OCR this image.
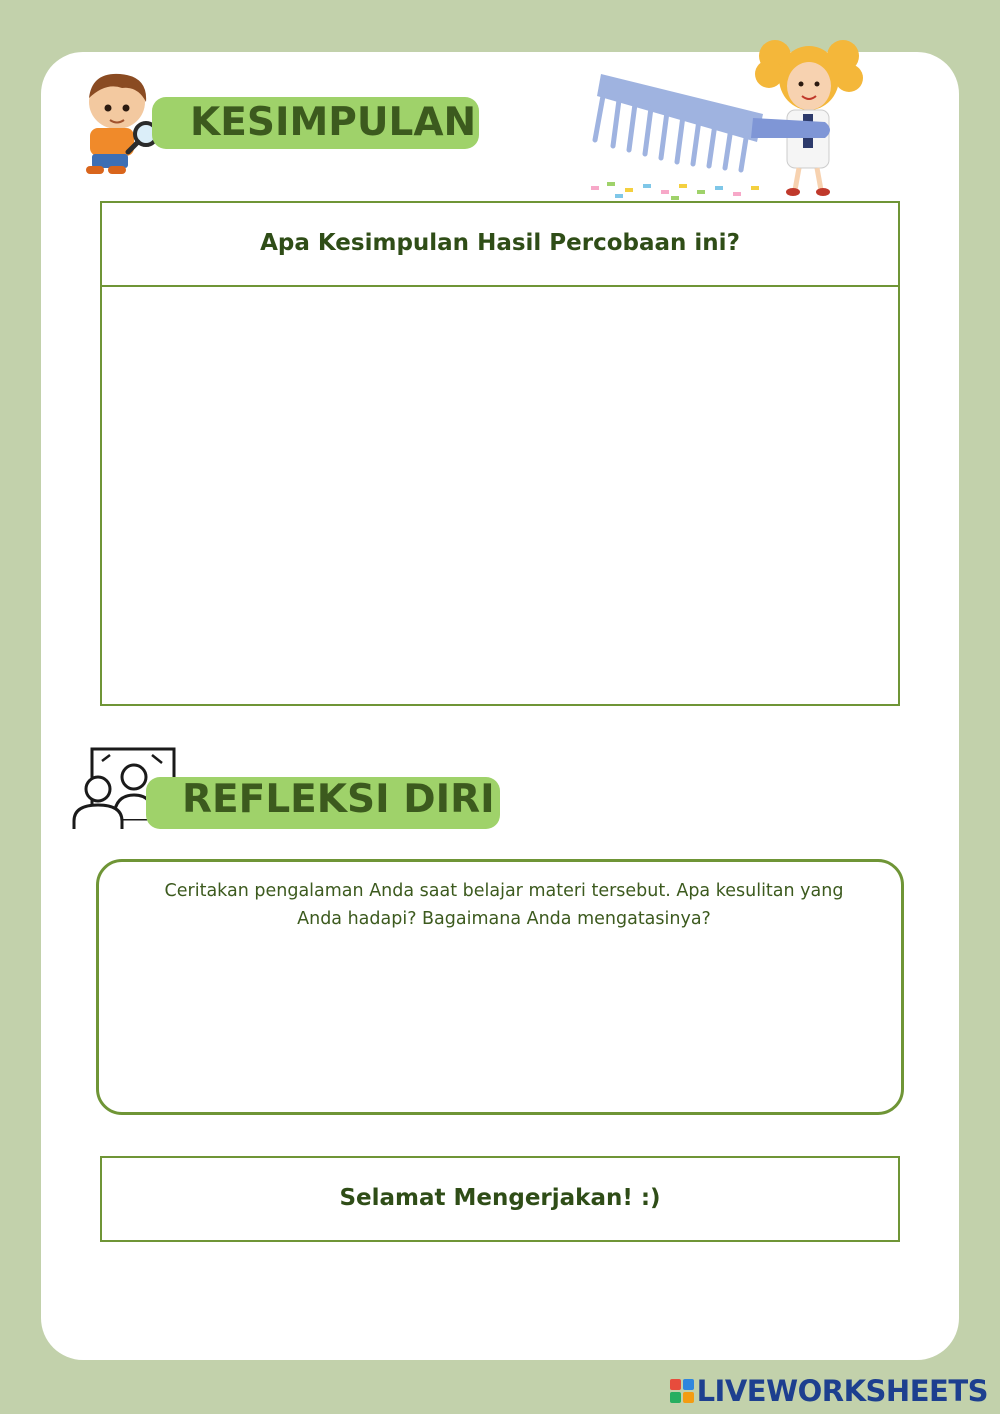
KESIMPULAN
Apa Kesimpulan Hasil Percobaan ini?
REFLEKSI DIRI
Ceritakan pengalaman Anda saat belajar materi tersebut. Apa kesulitan yang
Anda hadapi? Bagaimana Anda mengatasinya?
Selamat Mengerjakan! :)
LIVEWORKSHEETS
